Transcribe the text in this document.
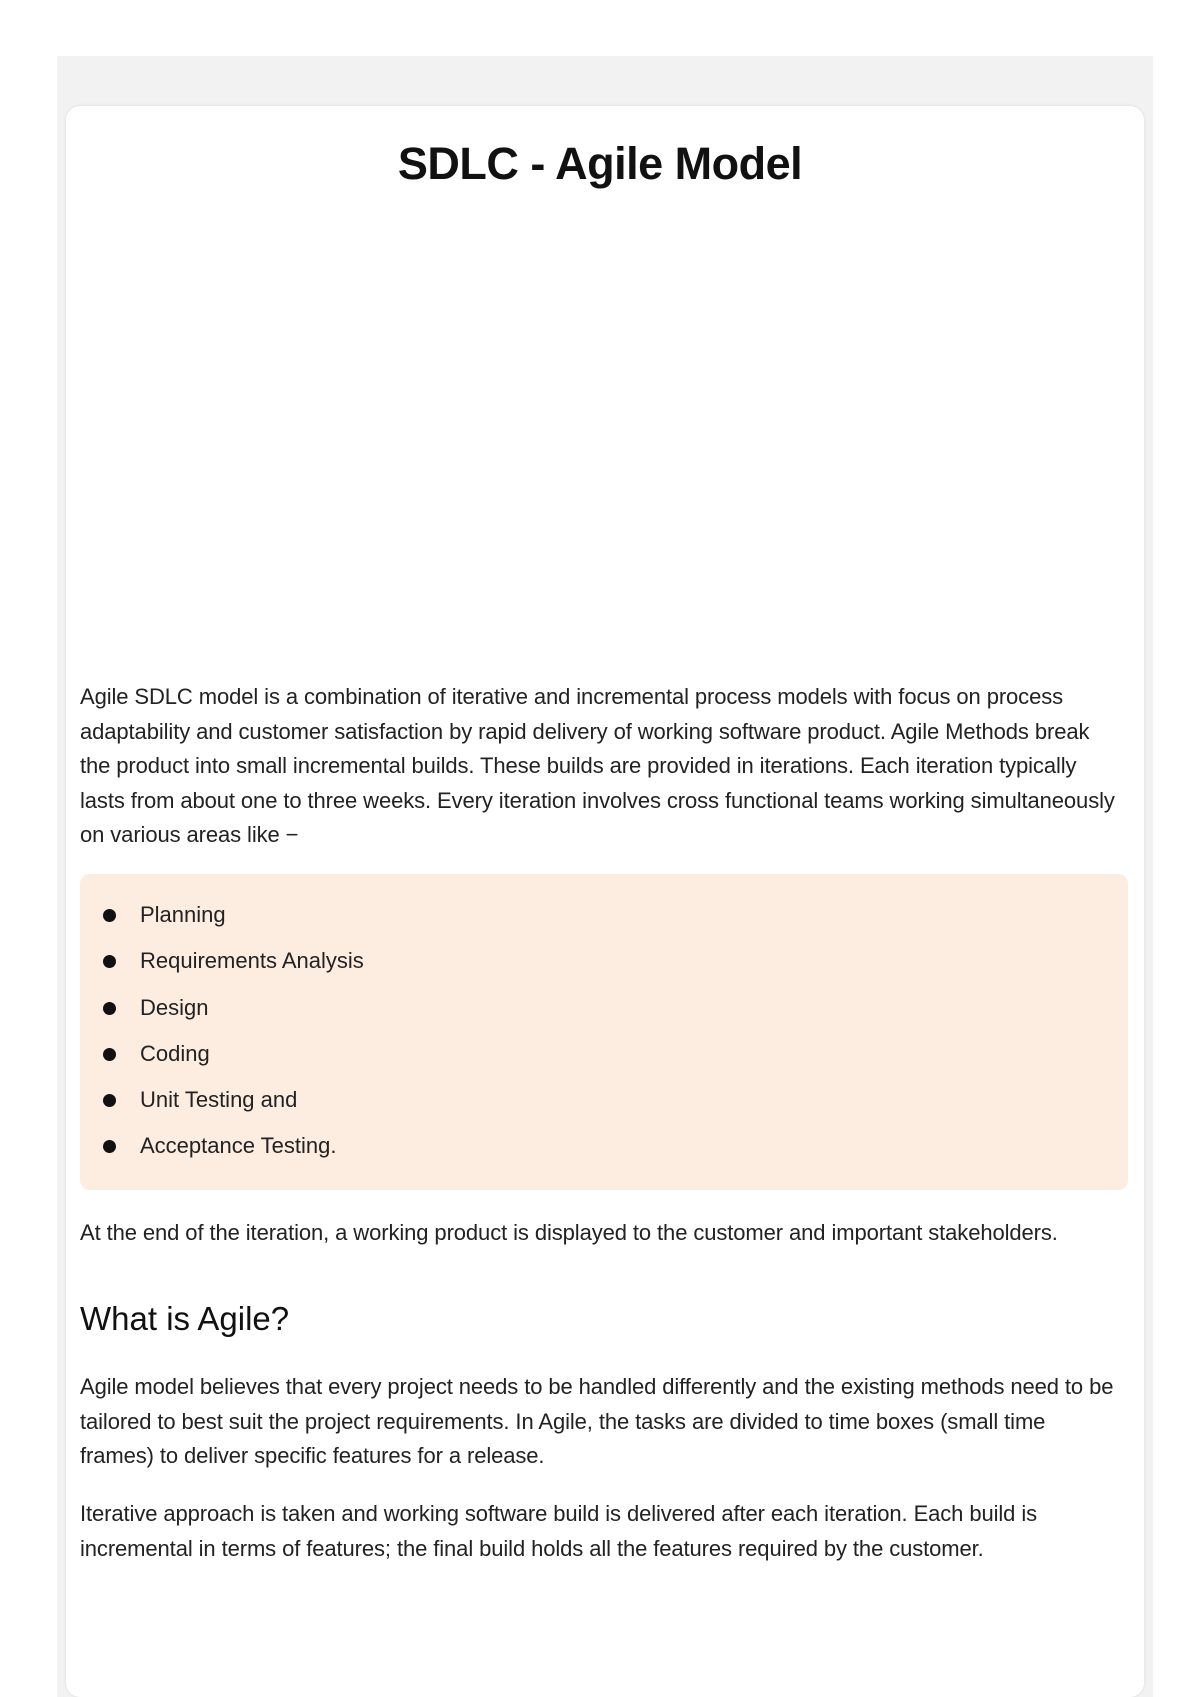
SDLC - Agile Model

Agile SDLC model is a combination of iterative and incremental process models with focus on process adaptability and customer satisfaction by rapid delivery of working software product. Agile Methods break the product into small incremental builds. These builds are provided in iterations. Each iteration typically lasts from about one to three weeks. Every iteration involves cross functional teams working simultaneously on various areas like −

Planning
Requirements Analysis
Design
Coding
Unit Testing and
Acceptance Testing.

At the end of the iteration, a working product is displayed to the customer and important stakeholders.

What is Agile?

Agile model believes that every project needs to be handled differently and the existing methods need to be tailored to best suit the project requirements. In Agile, the tasks are divided to time boxes (small time frames) to deliver specific features for a release.

Iterative approach is taken and working software build is delivered after each iteration. Each build is incremental in terms of features; the final build holds all the features required by the customer.
